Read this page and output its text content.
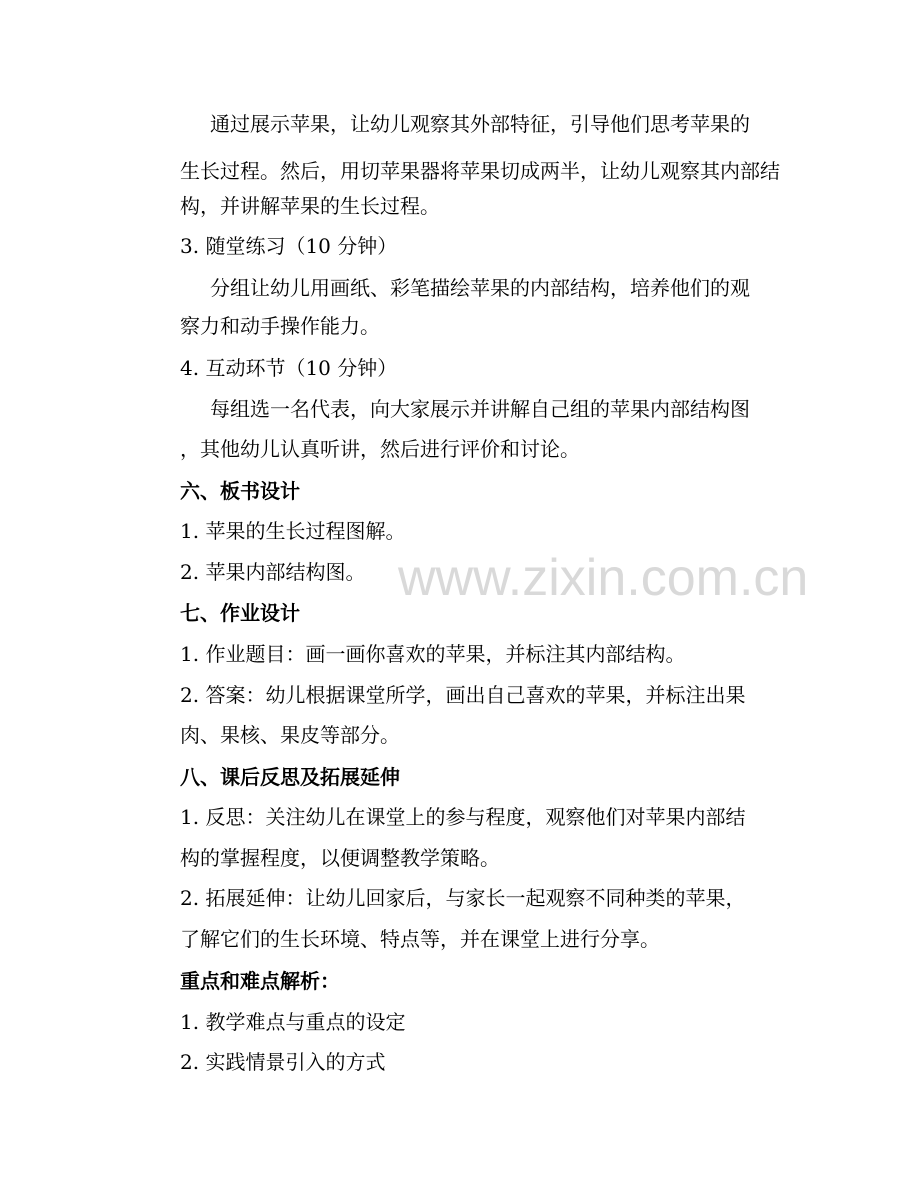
通过展示苹果，让幼儿观察其外部特征，引导他们思考苹果的
生长过程。然后，用切苹果器将苹果切成两半，让幼儿观察其内部结
构，并讲解苹果的生长过程。
3. 随堂练习（10 分钟）
分组让幼儿用画纸、彩笔描绘苹果的内部结构，培养他们的观
察力和动手操作能力。
4. 互动环节（10 分钟）
每组选一名代表，向大家展示并讲解自己组的苹果内部结构图
，其他幼儿认真听讲，然后进行评价和讨论。
六、板书设计
1. 苹果的生长过程图解。
2. 苹果内部结构图。
七、作业设计
1. 作业题目：画一画你喜欢的苹果，并标注其内部结构。
2. 答案：幼儿根据课堂所学，画出自己喜欢的苹果，并标注出果
肉、果核、果皮等部分。
八、课后反思及拓展延伸
1. 反思：关注幼儿在课堂上的参与程度，观察他们对苹果内部结
构的掌握程度，以便调整教学策略。
2. 拓展延伸：让幼儿回家后，与家长一起观察不同种类的苹果，
了解它们的生长环境、特点等，并在课堂上进行分享。
重点和难点解析：
1. 教学难点与重点的设定
2. 实践情景引入的方式
www.zixin.com.cn
